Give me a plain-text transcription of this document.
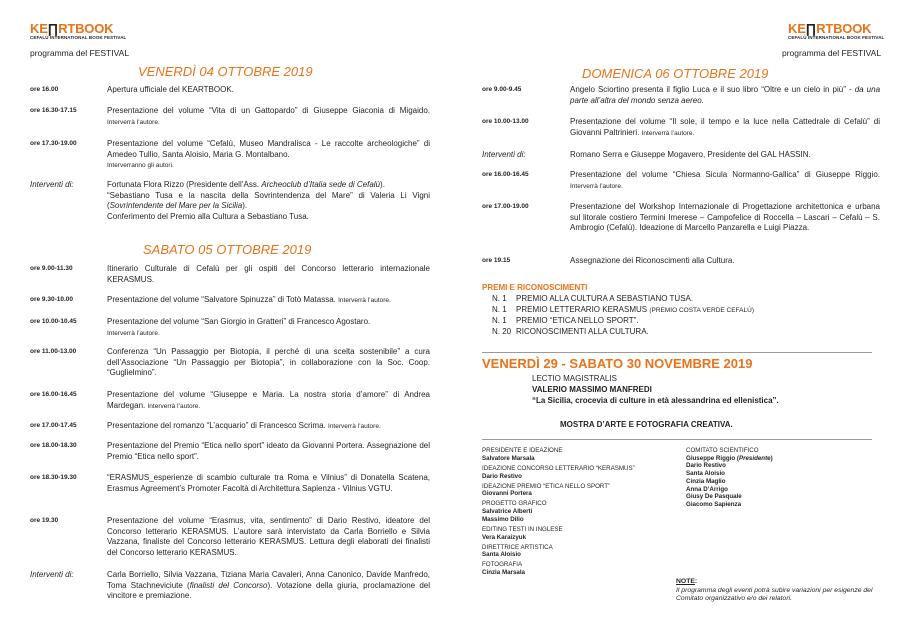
KE∏RTBOOK
CEFALÙ INTERNATIONAL BOOK FESTIVAL
programma del FESTIVAL
VENERDÌ 04 OTTOBRE 2019
ore 16.00	Apertura ufficiale del KEARTBOOK.
ore 16.30-17.15	Presentazione del volume “Vita di un Gattopardo” di Giuseppe Giaconia di Migaido. Interverrà l’autore.
ore 17.30-19.00	Presentazione del volume “Cefalù, Museo Mandralisca - Le raccolte archeologiche” di Amedeo Tullio, Santa Aloisio, Maria G. Montalbano.
Interverranno gli autori.
Interventi di:	Fortunata Flora Rizzo (Presidente dell’Ass. Archeoclub d’Italia sede di Cefalù).
“Sebastiano Tusa e la nascita della Sovrintendenza del Mare” di Valeria Li Vigni (Sovrintendente del Mare per la Sicilia).
Conferimento del Premio alla Cultura a Sebastiano Tusa.
SABATO 05 OTTOBRE 2019
ore 9.00-11.30	Itinerario Culturale di Cefalù per gli ospiti del Concorso letterario internazionale KERASMUS.
ore 9.30-10.00	Presentazione del volume “Salvatore Spinuzza” di Totò Matassa. Interverrà l’autore.
ore 10.00-10.45	Presentazione del volume “San Giorgio in Gratteri” di Francesco Agostaro.
Interverrà l’autore.
ore 11.00-13.00	Conferenza “Un Passaggio per Biotopia, il perché di una scelta sostenibile” a cura dell’Associazione “Un Passaggio per Biotopia”, in collaborazione con la Soc. Coop. “Guglielmino”.
ore 16.00-16.45	Presentazione del volume “Giuseppe e Maria. La nostra storia d’amore” di Andrea Mardegan. Interverrà l’autore.
ore 17.00-17.45	Presentazione del romanzo “L’acquario” di Francesco Scrima. Interverrà l’autore.
ore 18.00-18.30	Presentazione del Premio “Etica nello sport” ideato da Giovanni Portera. Assegnazione del Premio “Etica nello sport”.
ore 18.30-19.30	“ERASMUS_esperienze di scambio culturale tra Roma e Vilnius” di Donatella Scatena, Erasmus Agreement’s Promoter Facoltà di Architettura Sapienza - Vilnius VGTU.
ore 19.30	Presentazione del volume “Erasmus, vita, sentimento” di Dario Restivo, ideatore del Concorso letterario KERASMUS. L’autore sarà intervistato da Carla Borriello e Silvia Vazzana, finaliste del Concorso letterario KERASMUS. Lettura degli elaborati dei finalisti del Concorso letterario KERASMUS.
Interventi di:	Carla Borriello, Silvia Vazzana, Tiziana Maria Cavaleri, Anna Canonico, Davide Manfredo, Toma Stachneviciute (finalisti del Concorso). Votazione della giuria, proclamazione del vincitore e premiazione.
KE∏RTBOOK
CEFALÙ INTERNATIONAL BOOK FESTIVAL
programma del FESTIVAL
DOMENICA 06 OTTOBRE 2019
ore 9.00-9.45	Angelo Sciortino presenta il figlio Luca e il suo libro “Oltre e un cielo in più” - da una parte all’altra del mondo senza aereo.
ore 10.00-13.00	Presentazione del volume “Il sole, il tempo e la luce nella Cattedrale di Cefalù” di Giovanni Paltrinieri. Interverrà l’autore.
Interventi di:	Romano Serra e Giuseppe Mogavero, Presidente del GAL HASSIN.
ore 16.00-16.45	Presentazione del volume “Chiesa Sicula Normanno-Gallica” di Giuseppe Riggio. Interverrà l’autore.
ore 17.00-19.00	Presentazione del Workshop Internazionale di Progettazione architettonica e urbana sul litorale costiero Termini Imerese – Campofelice di Roccella – Lascari – Cefalù – S. Ambrogio (Cefalù). Ideazione di Marcello Panzarella e Luigi Piazza.
ore 19.15	Assegnazione dei Riconoscimenti alla Cultura.
PREMI E RICONOSCIMENTI
N. 1 PREMIO ALLA CULTURA A SEBASTIANO TUSA.
N. 1 PREMIO LETTERARIO KERASMUS (PREMIO COSTA VERDE CEFALÙ)
N. 1 PREMIO “ETICA NELLO SPORT”.
N. 20 RICONOSCIMENTI ALLA CULTURA.
VENERDÌ 29 - SABATO 30 NOVEMBRE 2019
LECTIO MAGISTRALIS
VALERIO MASSIMO MANFREDI
“La Sicilia, crocevia di culture in età alessandrina ed ellenistica”.
MOSTRA D’ARTE E FOTOGRAFIA CREATIVA.
PRESIDENTE E IDEAZIONE
Salvatore Marsala
IDEAZIONE CONCORSO LETTERARIO “KERASMUS”
Dario Restivo
IDEAZIONE PREMIO “ETICA NELLO SPORT”
Giovanni Portera
PROGETTO GRAFICO
Salvatrice Alberti
Massimo Dilio
EDITING TESTI IN INGLESE
Vera Karaizyuk
DIRETTRICE ARTISTICA
Santa Aloisio
FOTOGRAFIA
Cinzia Marsala
COMITATO SCIENTIFICO
Giuseppe Riggio (Presidente)
Dario Restivo
Santa Aloisio
Cinzia Maglio
Anna D’Arrigo
Giusy De Pasquale
Giacomo Sapienza
NOTE:
Il programma degli eventi potrà subire variazioni per esigenze del Comitato organizzativo e/o dei relatori.
